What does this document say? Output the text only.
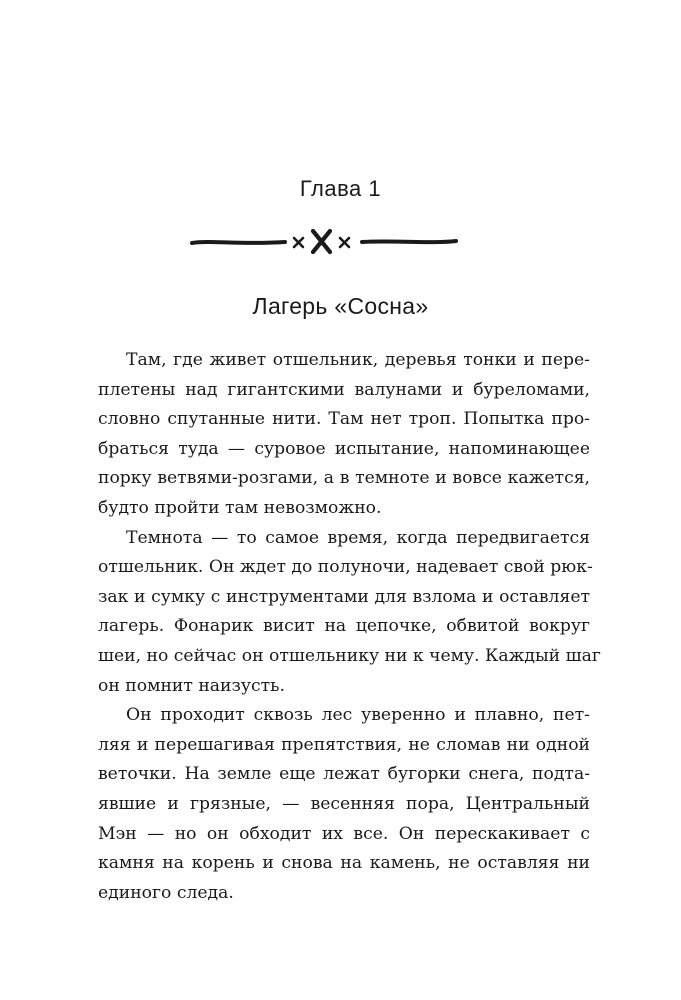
Глава 1
Лагерь «Сосна»
Там, где живет отшельник, деревья тонки и пере-
плетены над гигантскими валунами и буреломами,
словно спутанные нити. Там нет троп. Попытка про-
браться туда — суровое испытание, напоминающее
порку ветвями-розгами, а в темноте и вовсе кажется,
будто пройти там невозможно.
Темнота — то самое время, когда передвигается
отшельник. Он ждет до полуночи, надевает свой рюк-
зак и сумку с инструментами для взлома и оставляет
лагерь. Фонарик висит на цепочке, обвитой вокруг
шеи, но сейчас он отшельнику ни к чему. Каждый шаг
он помнит наизусть.
Он проходит сквозь лес уверенно и плавно, пет-
ляя и перешагивая препятствия, не сломав ни одной
веточки. На земле еще лежат бугорки снега, подта-
явшие и грязные, — весенняя пора, Центральный
Мэн — но он обходит их все. Он перескакивает с
камня на корень и снова на камень, не оставляя ни
единого следа.
